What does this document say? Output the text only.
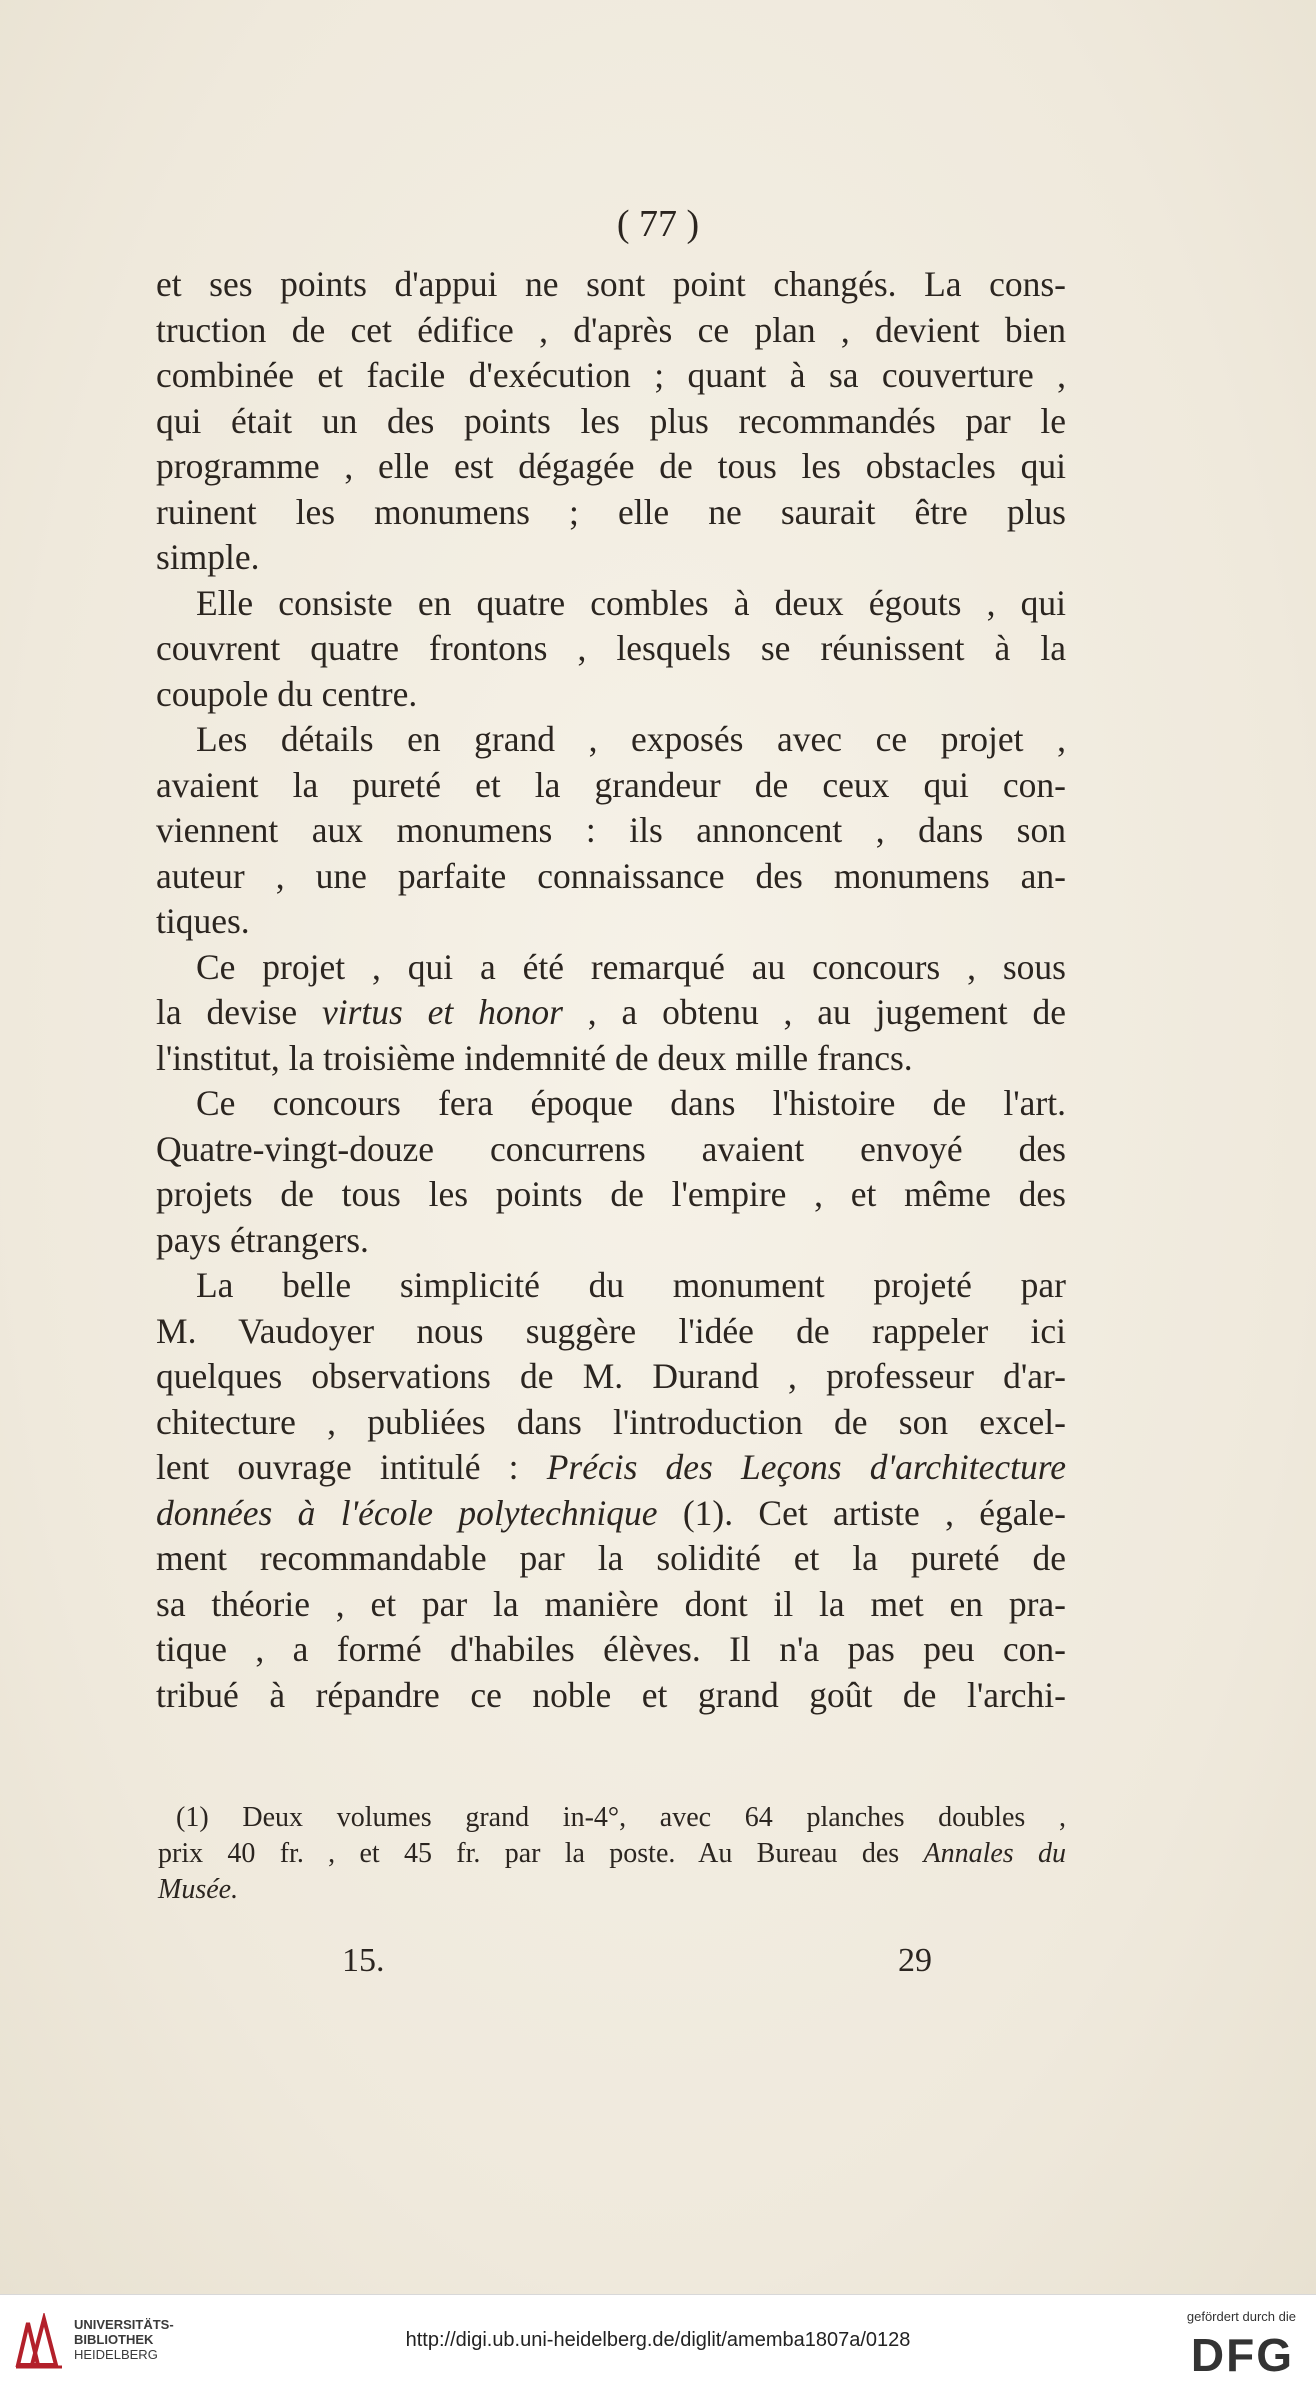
( 77 )
et ses points d'appui ne sont point changés. La cons-
truction de cet édifice , d'après ce plan , devient bien
combinée et facile d'exécution ; quant à sa couverture ,
qui était un des points les plus recommandés par le
programme , elle est dégagée de tous les obstacles qui
ruinent les monumens ; elle ne saurait être plus
simple.
Elle consiste en quatre combles à deux égouts , qui
couvrent quatre frontons , lesquels se réunissent à la
coupole du centre.
Les détails en grand , exposés avec ce projet ,
avaient la pureté et la grandeur de ceux qui con-
viennent aux monumens : ils annoncent , dans son
auteur , une parfaite connaissance des monumens an-
tiques.
Ce projet , qui a été remarqué au concours , sous
la devise virtus et honor , a obtenu , au jugement de
l'institut, la troisième indemnité de deux mille francs.
Ce concours fera époque dans l'histoire de l'art.
Quatre-vingt-douze concurrens avaient envoyé des
projets de tous les points de l'empire , et même des
pays étrangers.
La belle simplicité du monument projeté par
M. Vaudoyer nous suggère l'idée de rappeler ici
quelques observations de M. Durand , professeur d'ar-
chitecture , publiées dans l'introduction de son excel-
lent ouvrage intitulé : Précis des Leçons d'architecture
données à l'école polytechnique (1). Cet artiste , égale-
ment recommandable par la solidité et la pureté de
sa théorie , et par la manière dont il la met en pra-
tique , a formé d'habiles élèves. Il n'a pas peu con-
tribué à répandre ce noble et grand goût de l'archi-
(1) Deux volumes grand in-4°, avec 64 planches doubles ,
prix 40 fr. , et 45 fr. par la poste. Au Bureau des Annales du
Musée.
15.	29
UNIVERSITÄTS-
BIBLIOTHEK
HEIDELBERG
http://digi.ub.uni-heidelberg.de/diglit/amemba1807a/0128
gefördert durch die
DFG
